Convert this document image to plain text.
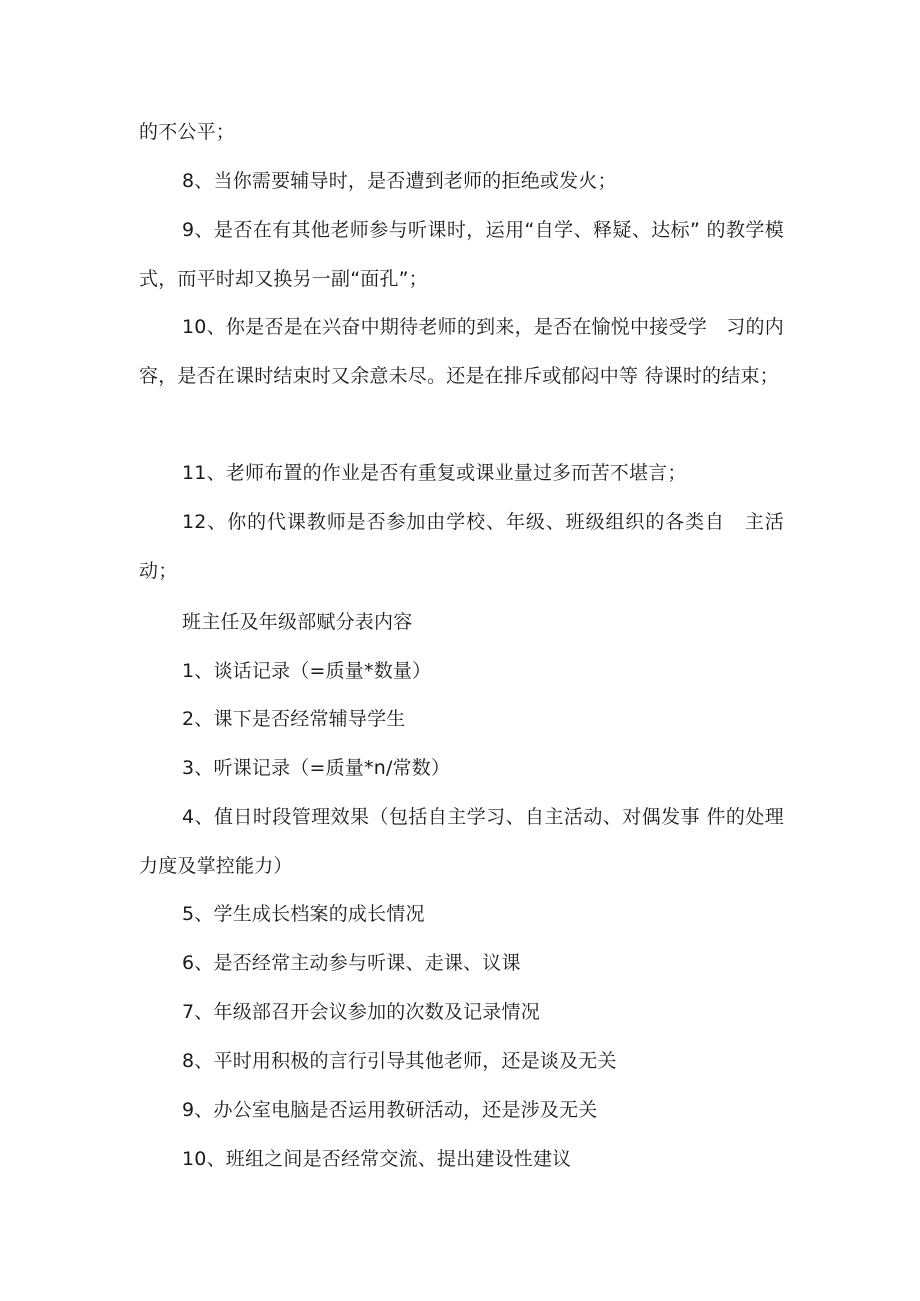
的不公平；

8、当你需要辅导时，是否遭到老师的拒绝或发火；

9、是否在有其他老师参与听课时，运用“自学、释疑、达标” 的教学模式，而平时却又换另一副“面孔”；

10、你是否是在兴奋中期待老师的到来，是否在愉悦中接受学　习的内容，是否在课时结束时又余意未尽。还是在排斥或郁闷中等 待课时的结束；

11、老师布置的作业是否有重复或课业量过多而苦不堪言；

12、你的代课教师是否参加由学校、年级、班级组织的各类自　主活动；

班主任及年级部赋分表内容

1、谈话记录（=质量*数量）

2、课下是否经常辅导学生

3、听课记录（=质量*n/常数）

4、值日时段管理效果（包括自主学习、自主活动、对偶发事 件的处理力度及掌控能力）

5、学生成长档案的成长情况

6、是否经常主动参与听课、走课、议课

7、年级部召开会议参加的次数及记录情况

8、平时用积极的言行引导其他老师，还是谈及无关

9、办公室电脑是否运用教研活动，还是涉及无关

10、班组之间是否经常交流、提出建设性建议
